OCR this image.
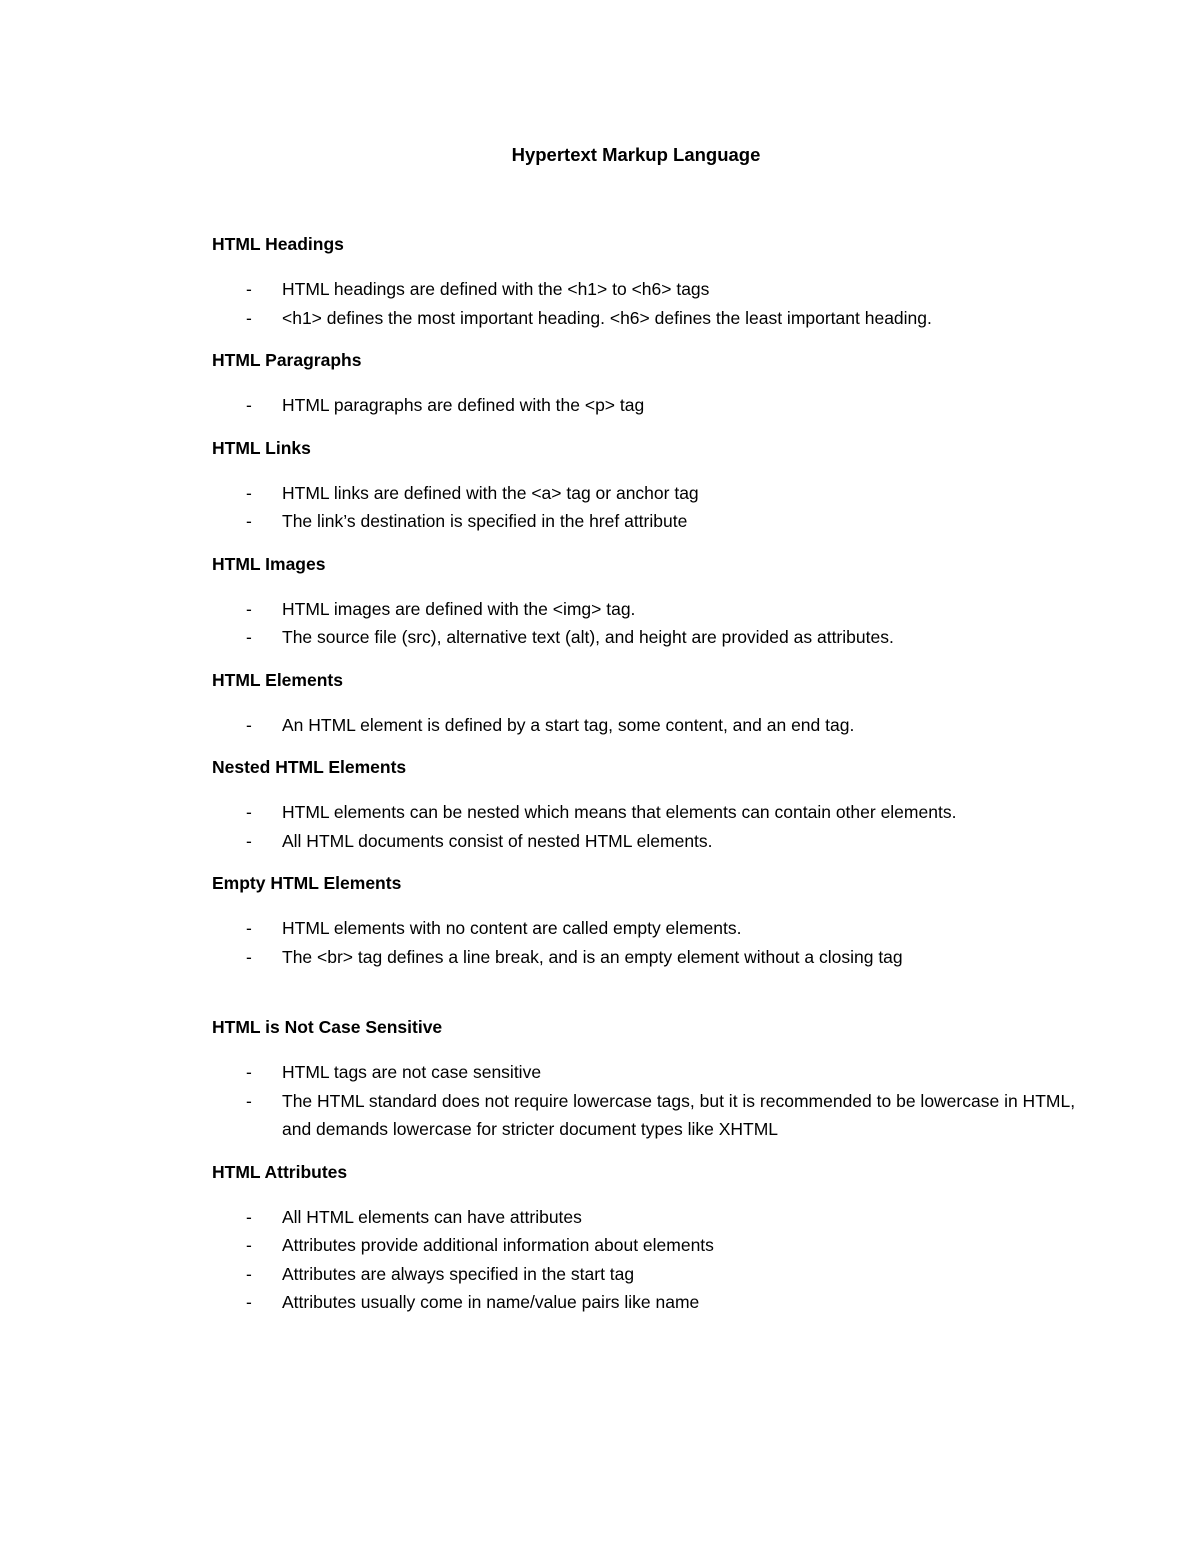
Hypertext Markup Language
HTML Headings
- HTML headings are defined with the <h1> to <h6> tags
- <h1> defines the most important heading. <h6> defines the least important heading.
HTML Paragraphs
- HTML paragraphs are defined with the <p> tag
HTML Links
- HTML links are defined with the <a> tag or anchor tag
- The link’s destination is specified in the href attribute
HTML Images
- HTML images are defined with the <img> tag.
- The source file (src), alternative text (alt), and height are provided as attributes.
HTML Elements
- An HTML element is defined by a start tag, some content, and an end tag.
Nested HTML Elements
- HTML elements can be nested which means that elements can contain other elements.
- All HTML documents consist of nested HTML elements.
Empty HTML Elements
- HTML elements with no content are called empty elements.
- The <br> tag defines a line break, and is an empty element without a closing tag
HTML is Not Case Sensitive
- HTML tags are not case sensitive
- The HTML standard does not require lowercase tags, but it is recommended to be lowercase in HTML, and demands lowercase for stricter document types like XHTML
HTML Attributes
- All HTML elements can have attributes
- Attributes provide additional information about elements
- Attributes are always specified in the start tag
- Attributes usually come in name/value pairs like name
